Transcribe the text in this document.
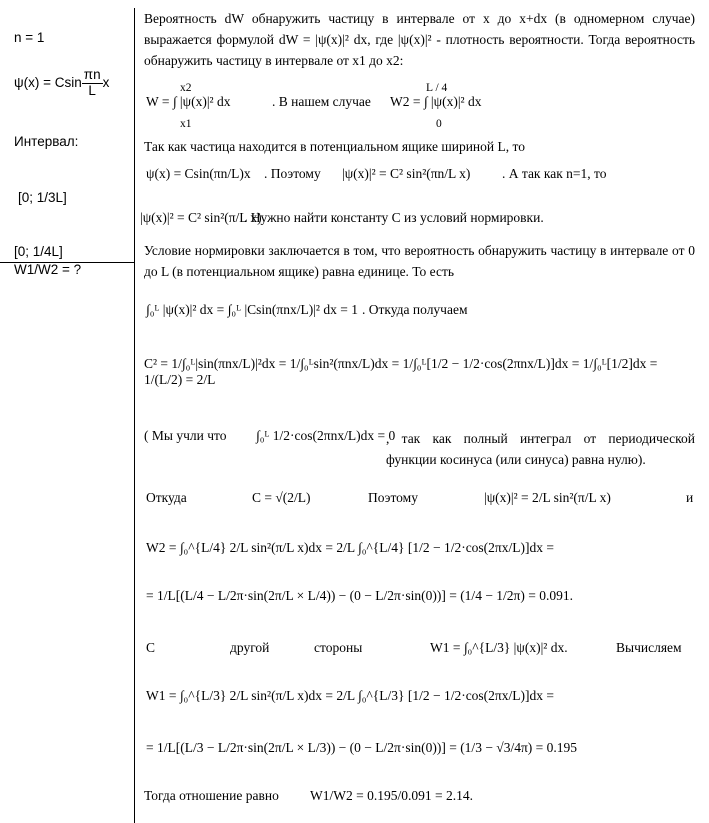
n = 1
ψ(x) = Csin $\frac{\pi n}{L}$ x
Интервал:
[0; 1/3L]
[0; 1/4L]
W1/W2 = ?
Вероятность dW обнаружить частицу в интервале от x до x+dx (в одномерном случае) выражается формулой dW = |ψ(x)|² dx, где |ψ(x)|² - плотность вероятности. Тогда вероятность обнаружить частицу в интервале от x1 до x2:
W = ∫ |ψ(x)|² dx
x2
x1
. В нашем случае W2 = ∫ |ψ(x)|² dx
L / 4
0
Так как частица находится в потенциальном ящике шириной L, то
ψ(x) = Csin(πn/L)x . Поэтому |ψ(x)|² = C² sin²(πn/L x) . А так как n=1, то
|ψ(x)|² = C² sin²(π/L x)
. Нужно найти константу C из условий нормировки.
Условие нормировки заключается в том, что вероятность обнаружить частицу в интервале от 0 до L (в потенциальном ящике) равна единице. То есть
∫₀ᴸ |ψ(x)|² dx = ∫₀ᴸ |Csin(πnx/L)|² dx = 1 . Откуда получаем
C² = 1/∫₀ᴸ|sin(πnx/L)|²dx = 1/∫₀ᴸsin²(πnx/L)dx = 1/∫₀ᴸ[1/2 − 1/2·cos(2πnx/L)]dx = 1/∫₀ᴸ[1/2]dx = 1/(L/2) = 2/L
( Мы учли что ∫₀ᴸ 1/2·cos(2πnx/L)dx = 0
, так как полный интеграл от периодической функции косинуса (или синуса) равна нулю).
Откуда	C = √(2/L)	Поэтому	|ψ(x)|² = 2/L sin²(π/L x)	и
W2 = ∫₀^{L/4} 2/L sin²(π/L x)dx = 2/L ∫₀^{L/4} [1/2 − 1/2·cos(2πx/L)]dx =
= 1/L[(L/4 − L/2π·sin(2π/L × L/4)) − (0 − L/2π·sin(0))] = (1/4 − 1/2π) = 0.091.
С	другой	стороны	W1 = ∫₀^{L/3} |ψ(x)|² dx.	Вычисляем
W1 = ∫₀^{L/3} 2/L sin²(π/L x)dx = 2/L ∫₀^{L/3} [1/2 − 1/2·cos(2πx/L)]dx =
= 1/L[(L/3 − L/2π·sin(2π/L × L/3)) − (0 − L/2π·sin(0))] = (1/3 − √3/4π) = 0.195
Тогда отношение равно W1/W2 = 0.195/0.091 = 2.14.
